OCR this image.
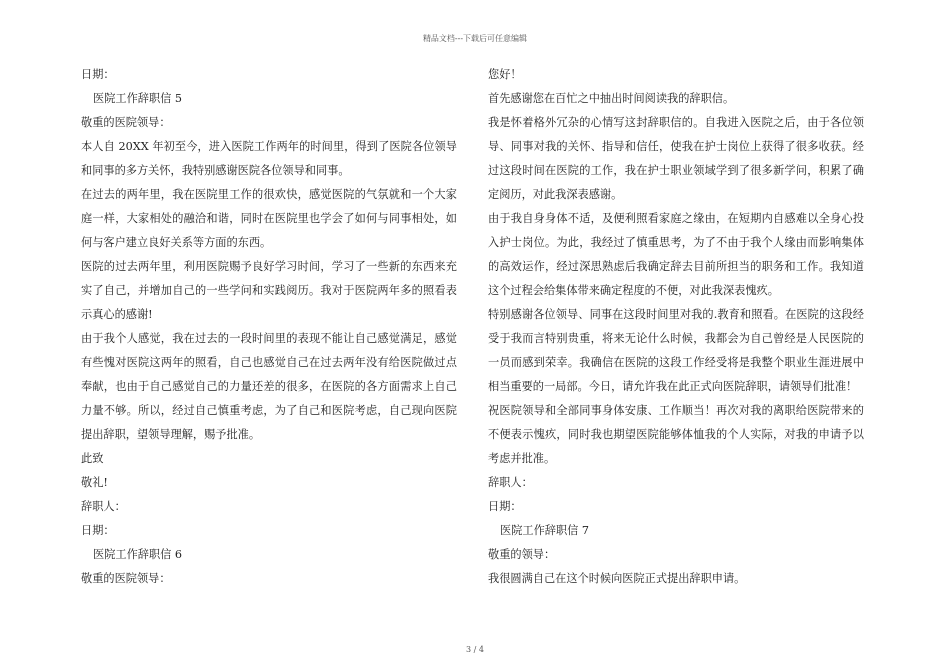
精品文档---下载后可任意编辑

日期：

医院工作辞职信 5

敬重的医院领导：

本人自 20XX 年初至今，进入医院工作两年的时间里，得到了医院各位领导和同事的多方关怀，我特别感谢医院各位领导和同事。

在过去的两年里，我在医院里工作的很欢快，感觉医院的气氛就和一个大家庭一样，大家相处的融洽和谐，同时在医院里也学会了如何与同事相处，如何与客户建立良好关系等方面的东西。

医院的过去两年里，利用医院赐予良好学习时间，学习了一些新的东西来充实了自己，并增加自己的一些学问和实践阅历。我对于医院两年多的照看表示真心的感谢!

由于我个人感觉，我在过去的一段时间里的表现不能让自己感觉满足，感觉有些愧对医院这两年的照看，自己也感觉自己在过去两年没有给医院做过点奉献，也由于自己感觉自己的力量还差的很多，在医院的各方面需求上自己力量不够。所以，经过自己慎重考虑，为了自己和医院考虑，自己现向医院提出辞职，望领导理解，赐予批准。

此致

敬礼!

辞职人：

日期：

医院工作辞职信 6

敬重的医院领导：

您好！

首先感谢您在百忙之中抽出时间阅读我的辞职信。

我是怀着格外冗杂的心情写这封辞职信的。自我进入医院之后，由于各位领导、同事对我的关怀、指导和信任，使我在护士岗位上获得了很多收获。经过这段时间在医院的工作，我在护士职业领域学到了很多新学问，积累了确定阅历，对此我深表感谢。

由于我自身身体不适，及便利照看家庭之缘由，在短期内自感难以全身心投入护士岗位。为此，我经过了慎重思考，为了不由于我个人缘由而影响集体的高效运作，经过深思熟虑后我确定辞去目前所担当的职务和工作。我知道这个过程会给集体带来确定程度的不便，对此我深表愧疚。

特别感谢各位领导、同事在这段时间里对我的.教育和照看。在医院的这段经受于我而言特别贵重，将来无论什么时候，我都会为自己曾经是人民医院的一员而感到荣幸。我确信在医院的这段工作经受将是我整个职业生涯进展中相当重要的一局部。今日，请允许我在此正式向医院辞职，请领导们批准！

祝医院领导和全部同事身体安康、工作顺当！再次对我的离职给医院带来的不便表示愧疚，同时我也期望医院能够体恤我的个人实际，对我的申请予以考虑并批准。

辞职人：

日期：

医院工作辞职信 7

敬重的领导：

我很圆满自己在这个时候向医院正式提出辞职申请。

3 / 4
